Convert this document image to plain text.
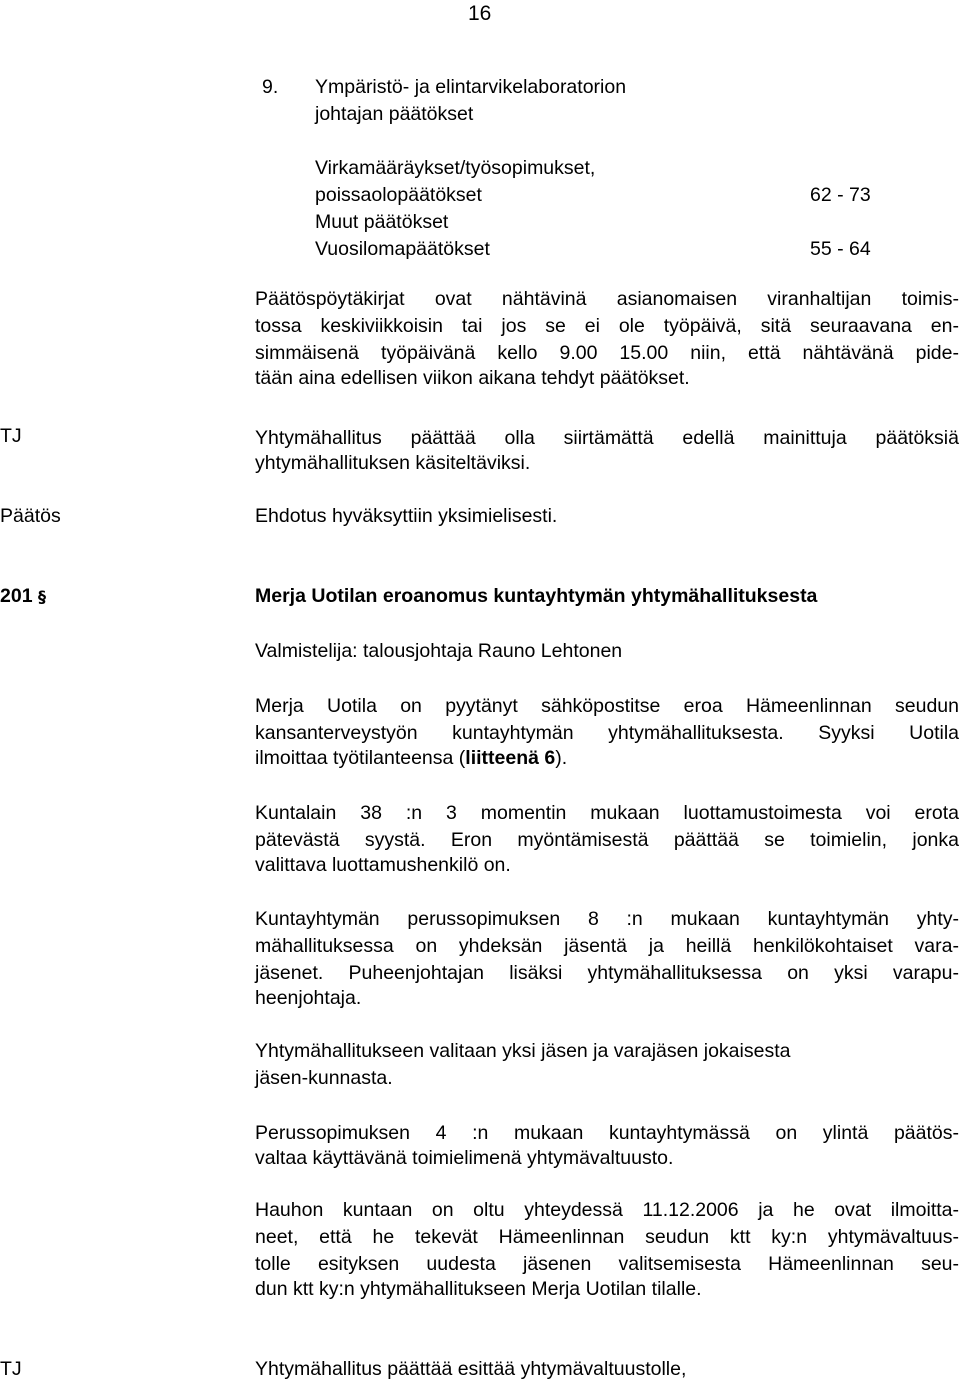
16
9. Ympäristö- ja elintarvikelaboratorion
johtajan päätökset
Virkamääräykset/työsopimukset,
poissaolopäätökset	62 - 73
Muut päätökset
Vuosilomapäätökset	55 - 64
Päätöspöytäkirjat ovat nähtävinä asianomaisen viranhaltijan toimis-
tossa keskiviikkoisin tai jos se ei ole työpäivä, sitä seuraavana en-
simmäisenä työpäivänä kello 9.00 15.00 niin, että nähtävänä pide-
tään aina edellisen viikon aikana tehdyt päätökset.
TJ	Yhtymähallitus päättää olla siirtämättä edellä mainittuja päätöksiä
yhtymähallituksen käsiteltäviksi.
Päätös	Ehdotus hyväksyttiin yksimielisesti.
201 §	Merja Uotilan eroanomus kuntayhtymän yhtymähallituksesta
Valmistelija: talousjohtaja Rauno Lehtonen
Merja Uotila on pyytänyt sähköpostitse eroa Hämeenlinnan seudun
kansanterveystyön kuntayhtymän yhtymähallituksesta. Syyksi Uotila
ilmoittaa työtilanteensa (liitteenä 6).
Kuntalain 38 :n 3 momentin mukaan luottamustoimesta voi erota
pätevästä syystä. Eron myöntämisestä päättää se toimielin, jonka
valittava luottamushenkilö on.
Kuntayhtymän perussopimuksen 8 :n mukaan kuntayhtymän yhty-
mähallituksessa on yhdeksän jäsentä ja heillä henkilökohtaiset vara-
jäsenet. Puheenjohtajan lisäksi yhtymähallituksessa on yksi varapu-
heenjohtaja.
Yhtymähallitukseen valitaan yksi jäsen ja varajäsen jokaisesta
jäsen-kunnasta.
Perussopimuksen 4 :n mukaan kuntayhtymässä on ylintä päätös-
valtaa käyttävänä toimielimenä yhtymävaltuusto.
Hauhon kuntaan on oltu yhteydessä 11.12.2006 ja he ovat ilmoitta-
neet, että he tekevät Hämeenlinnan seudun ktt ky:n yhtymävaltuus-
tolle esityksen uudesta jäsenen valitsemisesta Hämeenlinnan seu-
dun ktt ky:n yhtymähallitukseen Merja Uotilan tilalle.
TJ	Yhtymähallitus päättää esittää yhtymävaltuustolle,
